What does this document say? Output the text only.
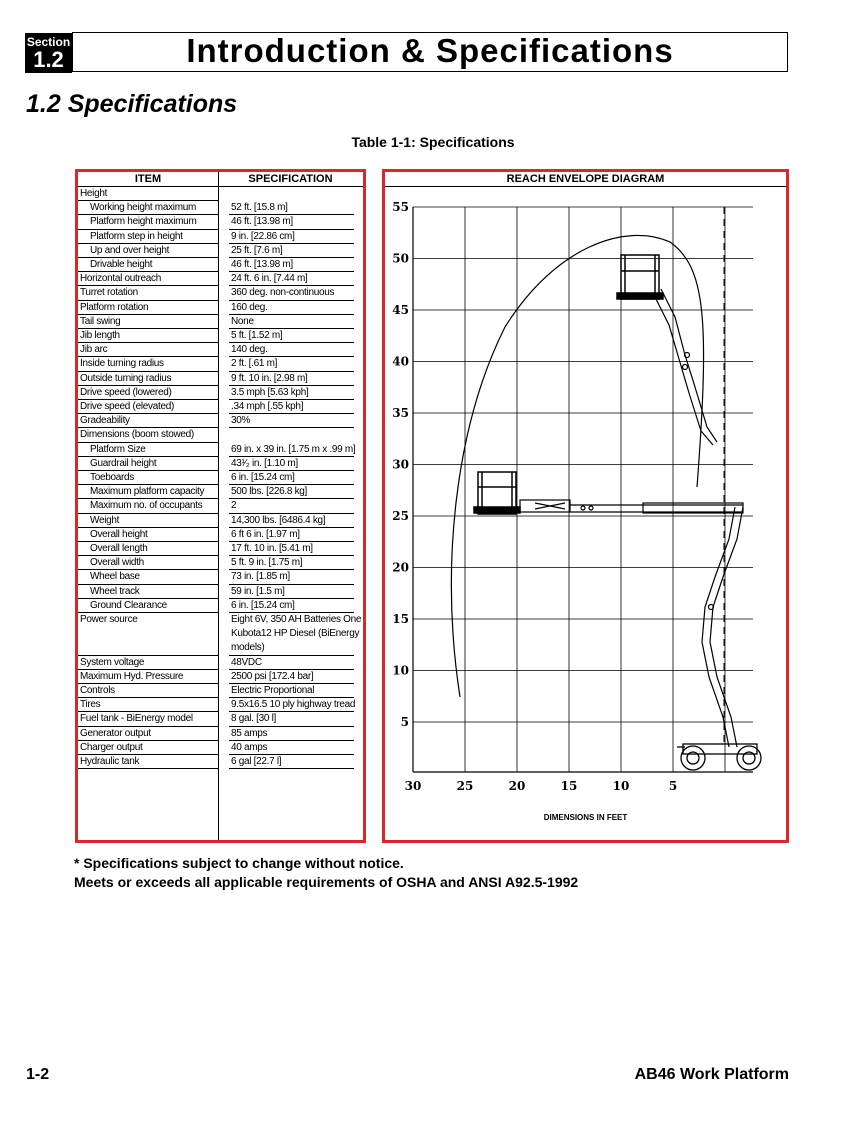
Section
1.2	Introduction & Specifications
1.2 Specifications
Table 1-1: Specifications
ITEM	SPECIFICATION
Height
Working height maximum	52 ft. [15.8 m]
Platform height maximum	46 ft. [13.98 m]
Platform step in height	9 in. [22.86 cm]
Up and over height	25 ft. [7.6 m]
Drivable height	46 ft. [13.98 m]
Horizontal outreach	24 ft. 6 in. [7.44 m]
Turret rotation	360 deg. non-continuous
Platform rotation	160 deg.
Tail swing	None
Jib length	5 ft. [1.52 m]
Jib arc	140 deg.
Inside turning radius	2 ft. [.61 m]
Outside turning radius	9 ft. 10 in. [2.98 m]
Drive speed (lowered)	3.5 mph [5.63 kph]
Drive speed (elevated)	.34 mph [.55 kph]
Gradeability	30%
Dimensions (boom stowed)
Platform Size	69 in. x 39 in. [1.75 m x .99 m]
Guardrail height	43¹⁄₂ in. [1.10 m]
Toeboards	6 in. [15.24 cm]
Maximum platform capacity	500 lbs. [226.8 kg]
Maximum no. of occupants	2
Weight	14,300 lbs. [6486.4 kg]
Overall height	6 ft 6 in. [1.97 m]
Overall length	17 ft. 10 in. [5.41 m]
Overall width	5 ft. 9 in. [1.75 m]
Wheel base	73 in. [1.85 m]
Wheel track	59 in. [1.5 m]
Ground Clearance	6 in. [15.24 cm]
Power source	Eight 6V, 350 AH Batteries One Kubota12 HP Diesel (BiEnergy models)
System voltage	48VDC
Maximum Hyd. Pressure	2500 psi [172.4 bar]
Controls	Electric Proportional
Tires	9.5x16.5 10 ply highway tread
Fuel tank - BiEnergy model	8 gal. [30 l]
Generator output	85 amps
Charger output	40 amps
Hydraulic tank	6 gal [22.7 l]
REACH ENVELOPE DIAGRAM
55
50
45
40
35
30
25
20
15
10
5
30	25	20	15	10	5
DIMENSIONS IN FEET
* Specifications subject to change without notice.
Meets or exceeds all applicable requirements of OSHA and ANSI A92.5-1992
1-2	AB46 Work Platform
